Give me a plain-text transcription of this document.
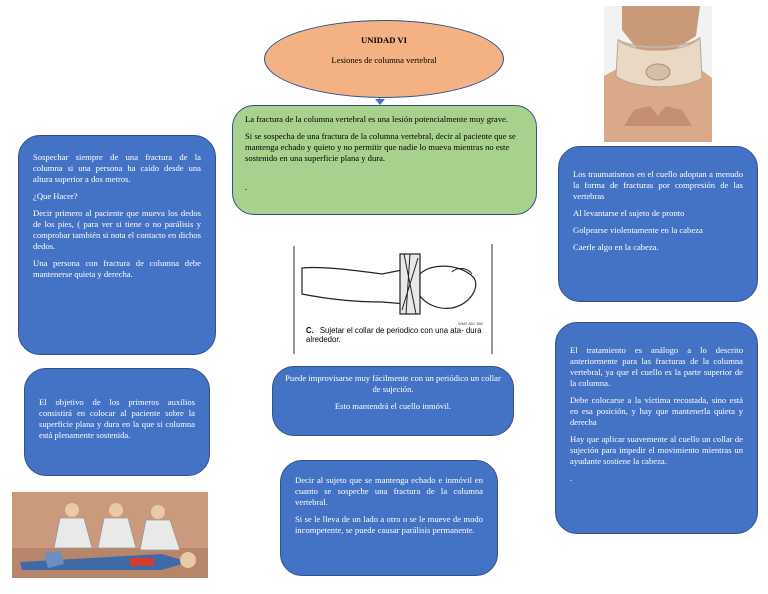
UNIDAD VI
Lesiones de columna vertebral

La fractura de la columna vertebral es una lesión potencialmente muy grave.

Si se sospecha de una fractura de la columna vertebral, decir al paciente que se mantenga echado y quieto y no permitir que nadie lo mueva mientras no este sostenido en una superficie plana y dura.

.

Sospechar siempre de una fractura de la columna si una persona ha caído desde una altura superior a dos metros.

¿Que Hacer?

Decir primero al paciente que mueva los dedos de los pies, ( para ver si tiene o no parálisis y comprobar también si nota el contacto en dichos dedos.

Una persona con fractura de columna debe mantenerse quieta y derecha.

El objetivo de los primeros auxilios consistirá en colocar al paciente sobre la superficie plana y dura en la que si columna está plenamente sostenida.

Los traumatismos en el cuello adoptan a menudo la forma de fracturas por compresión de las vertebras

Al levantarse el sujeto de pronto

Golpearse violentamente en la cabeza

Caerle algo en la cabeza.

El tratamiento es análogo a lo descrito anteriormente para las fracturas de la columna vertebral, ya que el cuello es la parte superior de la columna.

Debe colocarse a la víctima recostada, sino está en esa posición, y hay que mantenerla quieta y derecha

Hay que aplicar suavemente al cuello un collar de sujeción para impedir el movimiento mientras un ayudante sostiene la cabeza.

.

Puede improvisarse muy fácilmente con un periódico un collar de sujeción.

Esto mantendrá el cuello inmóvil.

Decir al sujeto que se mantenga echado e inmóvil en cuanto se sospeche una fractura de la columna vertebral.

Si se le lleva de un lado a otro o se le mueve de modo incompetente, se puede causar parálisis permanente.

WM0 851 380
C. Sujetar el collar de periodico con una ata- dura alrededor.
